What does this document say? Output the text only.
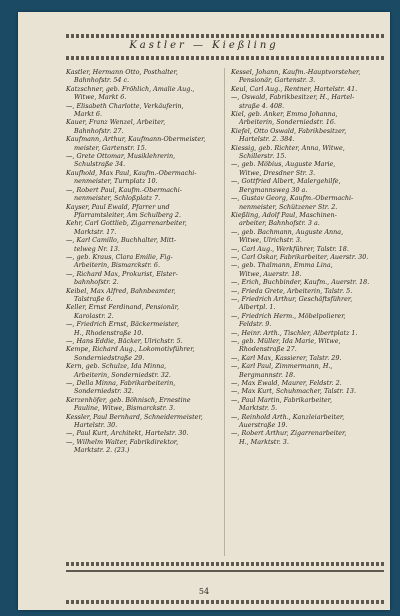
Kastler — Kießling

Kastler, Hermann Otto, Posthalter,

Bahnhofstr. 54 c.

Katzschner, geb. Fröhlich, Amalie Aug.,

Witwe, Markt 6.

—, Elisabeth Charlotte, Verkäuferin,

Markt 6.

Kauer, Franz Wenzel, Arbeiter,

Bahnhofstr. 27.

Kaufmann, Arthur, Kaufmann-Obermeister,

meister, Gartenstr. 15.

—, Grete Ottomar, Musiklehrerin,

Schulstraße 34.

Kaufhold, Max Paul, Kaufm.-Obermachi-

nenmeister, Turnplatz 10.

—, Robert Paul, Kaufm.-Obermachi-

nenmeister, Schloßplatz 7.

Kayser, Paul Ewald, Pfarrer und

Pfarramtsleiter, Am Schulberg 2.

Kehr, Carl Gottlieb, Zigarrenarbeiter,

Marktstr. 17.

—, Karl Camillo, Buchhalter, Mitt-

telweg Nr. 13.

—, geb. Kraus, Clara Emilie, Fig-

Arbeiterin, Bismarckstr. 6.

—, Richard Max, Prokurist, Elster-

bahnhofstr. 2.

Keibel, Max Alfred, Bahnbeamter,

Talstraße 6.

Keller, Ernst Ferdinand, Pensionär,

Karolastr. 2.

—, Friedrich Ernst, Bäckermeister,

H., Rhodenstraße 10.

—, Hans Eddie, Bäcker, Ulrichstr. 5.

Kempe, Richard Aug., Lokomotivführer,

Sonderniedstraße 29.

Kern, geb. Schulze, Ida Minna,

Arbeiterin, Sonderniedstr. 32.

—, Della Minna, Fabrikarbeiterin,

Sonderniedstr. 32.

Kerzenhöfer, geb. Böhnisch, Ernestine

Pauline, Witwe, Bismarckstr. 3.

Kessler, Paul Bernhard, Schneidermeister,

Hartelstr. 30.

—, Paul Kurt, Architekt, Hartelstr. 30.

—, Wilhelm Walter, Fabrikdirektor,

Marktstr. 2. (23.)

Kessel, Johann, Kaufm.-Hauptvorsteher,

Pensionär, Gartenstr. 3.

Keul, Carl Aug., Rentner, Hartelstr. 41.

—, Oswald, Fabrikbesitzer, H., Hartel-

straße 4. 408.

Kiel, geb. Anker, Emma Johanna,

Arbeiterin, Sonderniedstr. 16.

Kiefel, Otto Oswald, Fabrikbesitzer,

Hartelstr. 2. 384.

Kiessig, geb. Richter, Anna, Witwe,

Schillerstr. 15.

—, geb. Möbius, Auguste Marie,

Witwe, Dresdner Str. 3.

—, Gottfried Albert, Malergehilfe,

Bergmannsweg 30 a.

—, Gustav Georg, Kaufm.-Obermachi-

nenmeister, Schützener Str. 2.

Kießling, Adolf Paul, Maschinen-

arbeiter, Bahnhofstr. 3 a.

—, geb. Bachmann, Auguste Anna,

Witwe, Ulrichstr. 3.

—, Carl Aug., Werkführer, Talstr. 18.

—, Carl Oskar, Fabrikarbeiter, Auerstr. 30.

—, geb. Thalmann, Emma Lina,

Witwe, Auerstr. 18.

—, Erich, Buchbinder, Kaufm., Auerstr. 18.

—, Frieda Grete, Arbeiterin, Talstr. 5.

—, Friedrich Arthur, Geschäftsführer,

Albertpl. 1.

—, Friedrich Herm., Möbelpolierer,

Feldstr. 9.

—, Heinr. Arth., Tischler, Albertplatz 1.

—, geb. Müller, Ida Marie, Witwe,

Rhodenstraße 27.

—, Karl Max, Kassierer, Talstr. 29.

—, Karl Paul, Zimmermann, H.,

Bergmannstr. 18.

—, Max Ewald, Maurer, Feldstr. 2.

—, Max Kurt, Schuhmacher, Talstr. 13.

—, Paul Martin, Fabrikarbeiter,

Marktstr. 5.

—, Reinhold Arth., Kanzleiarbeiter,

Auerstraße 19.

—, Robert Arthur, Zigarrenarbeiter,

H., Marktstr. 3.

54
